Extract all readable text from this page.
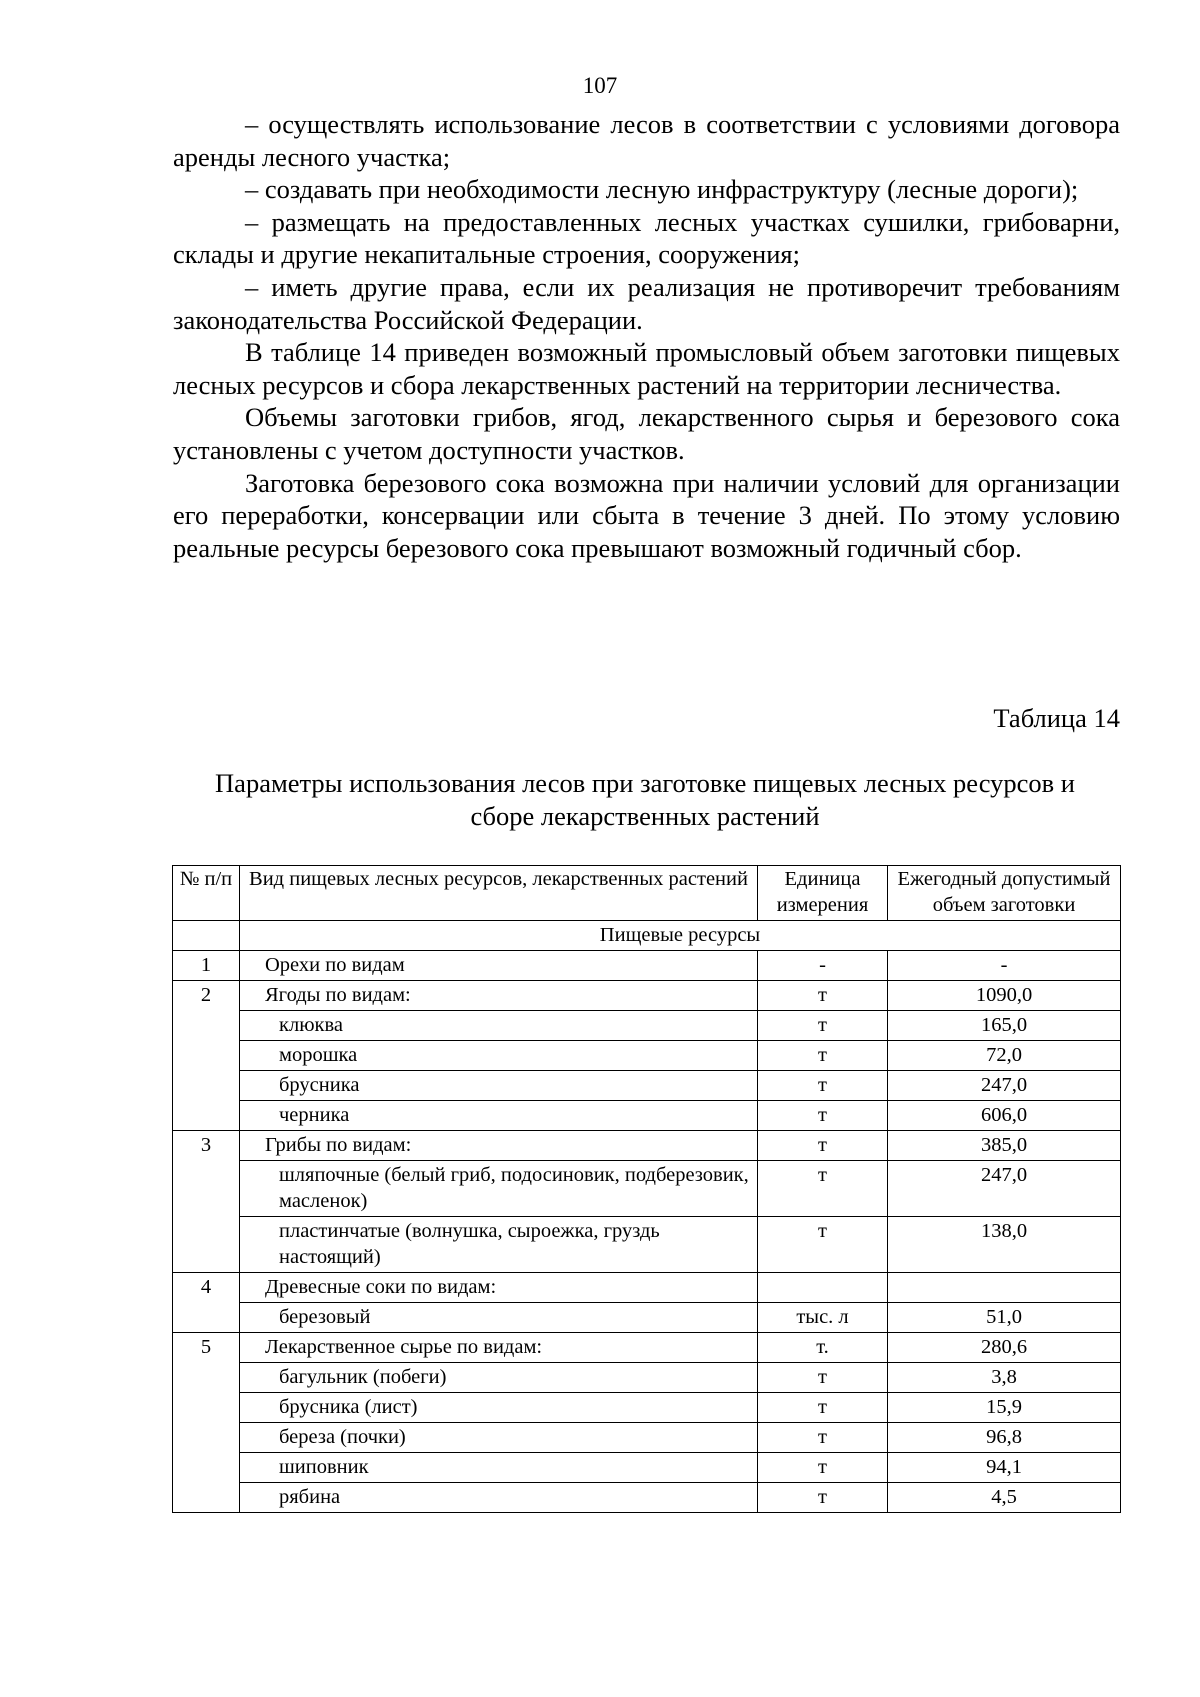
107

– осуществлять использование лесов в соответствии с условиями договора аренды лесного участка;

– создавать при необходимости лесную инфраструктуру (лесные дороги);

– размещать на предоставленных лесных участках сушилки, грибоварни, склады и другие некапитальные строения, сооружения;

– иметь другие права, если их реализация не противоречит требованиям законодательства Российской Федерации.

В таблице 14 приведен возможный промысловый объем заготовки пищевых лесных ресурсов и сбора лекарственных растений на территории лесничества.

Объемы заготовки грибов, ягод, лекарственного сырья и березового сока установлены с учетом доступности участков.

Заготовка березового сока возможна при наличии условий для организации его переработки, консервации или сбыта в течение 3 дней. По этому условию реальные ресурсы березового сока превышают возможный годичный сбор.

Таблица 14
Параметры использования лесов при заготовке пищевых лесных ресурсов и
сборе лекарственных растений
№ п/п	Вид пищевых лесных ресурсов, лекарственных растений	Единица измерения	Ежегодный допустимый объем заготовки
	Пищевые ресурсы		
1	Орехи по видам	-	-
2	Ягоды по видам:	т	1090,0
	клюква	т	165,0
	морошка	т	72,0
	брусника	т	247,0
	черника	т	606,0
3	Грибы по видам:	т	385,0
	шляпочные (белый гриб, подосиновик, подберезовик, масленок)	т	247,0
	пластинчатые (волнушка, сыроежка, груздь настоящий)	т	138,0
4	Древесные соки по видам:		
	березовый	тыс. л	51,0
5	Лекарственное сырье по видам:	т.	280,6
	багульник (побеги)	т	3,8
	брусника (лист)	т	15,9
	береза (почки)	т	96,8
	шиповник	т	94,1
	рябина	т	4,5
